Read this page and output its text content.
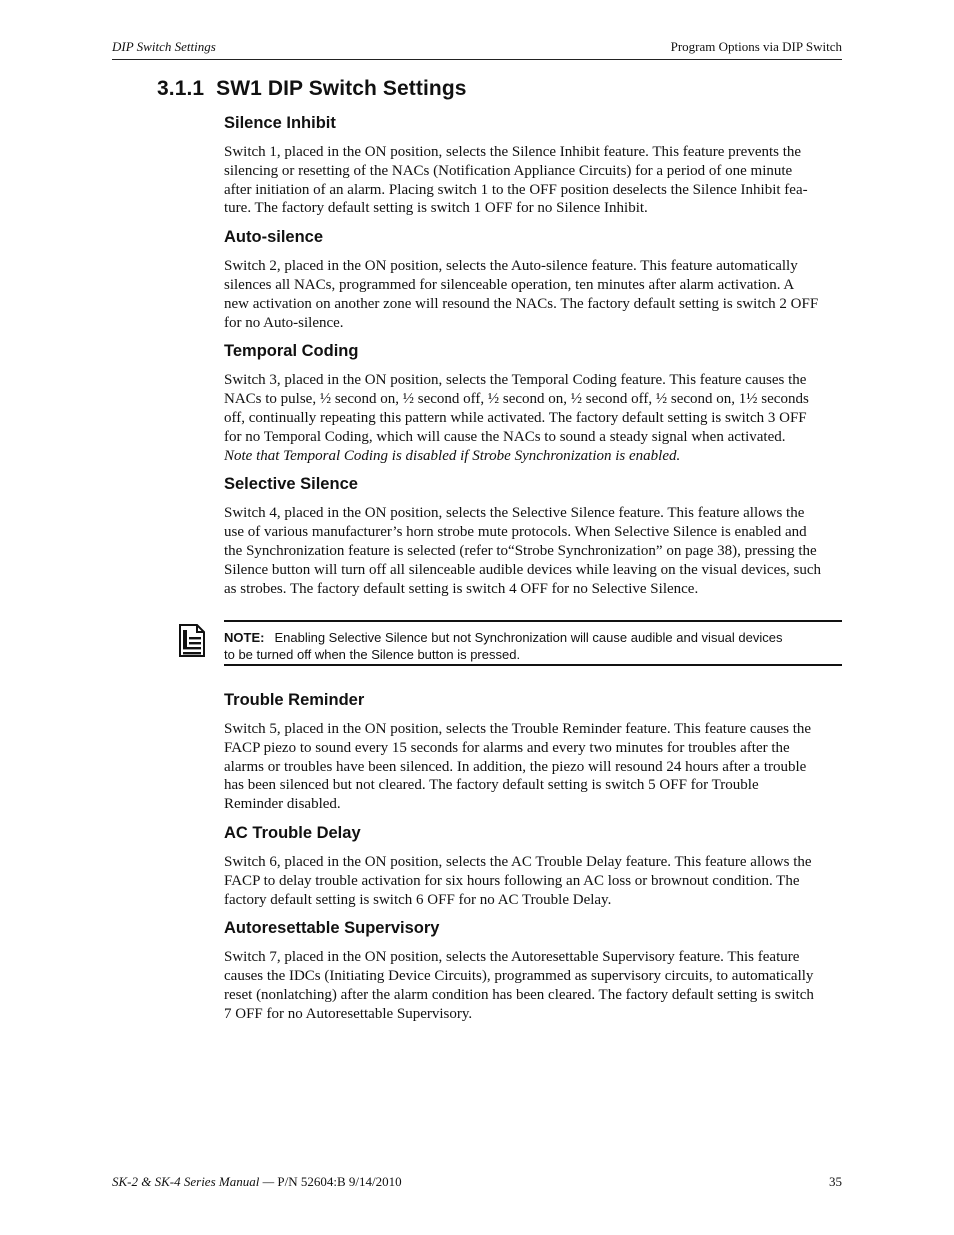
DIP Switch Settings	Program Options via DIP Switch
3.1.1 SW1 DIP Switch Settings
Silence Inhibit
Switch 1, placed in the ON position, selects the Silence Inhibit feature. This feature prevents the
silencing or resetting of the NACs (Notification Appliance Circuits) for a period of one minute
after initiation of an alarm. Placing switch 1 to the OFF position deselects the Silence Inhibit fea-
ture. The factory default setting is switch 1 OFF for no Silence Inhibit.
Auto-silence
Switch 2, placed in the ON position, selects the Auto-silence feature. This feature automatically
silences all NACs, programmed for silenceable operation, ten minutes after alarm activation. A
new activation on another zone will resound the NACs. The factory default setting is switch 2 OFF
for no Auto-silence.
Temporal Coding
Switch 3, placed in the ON position, selects the Temporal Coding feature. This feature causes the
NACs to pulse, ½ second on, ½ second off, ½ second on, ½ second off, ½ second on, 1½ seconds
off, continually repeating this pattern while activated. The factory default setting is switch 3 OFF
for no Temporal Coding, which will cause the NACs to sound a steady signal when activated.
Note that Temporal Coding is disabled if Strobe Synchronization is enabled.
Selective Silence
Switch 4, placed in the ON position, selects the Selective Silence feature. This feature allows the
use of various manufacturer’s horn strobe mute protocols. When Selective Silence is enabled and
the Synchronization feature is selected (refer to“Strobe Synchronization” on page 38), pressing the
Silence button will turn off all silenceable audible devices while leaving on the visual devices, such
as strobes. The factory default setting is switch 4 OFF for no Selective Silence.
NOTE: Enabling Selective Silence but not Synchronization will cause audible and visual devices
to be turned off when the Silence button is pressed.
Trouble Reminder
Switch 5, placed in the ON position, selects the Trouble Reminder feature. This feature causes the
FACP piezo to sound every 15 seconds for alarms and every two minutes for troubles after the
alarms or troubles have been silenced. In addition, the piezo will resound 24 hours after a trouble
has been silenced but not cleared. The factory default setting is switch 5 OFF for Trouble
Reminder disabled.
AC Trouble Delay
Switch 6, placed in the ON position, selects the AC Trouble Delay feature. This feature allows the
FACP to delay trouble activation for six hours following an AC loss or brownout condition. The
factory default setting is switch 6 OFF for no AC Trouble Delay.
Autoresettable Supervisory
Switch 7, placed in the ON position, selects the Autoresettable Supervisory feature. This feature
causes the IDCs (Initiating Device Circuits), programmed as supervisory circuits, to automatically
reset (nonlatching) after the alarm condition has been cleared. The factory default setting is switch
7 OFF for no Autoresettable Supervisory.
SK-2 & SK-4 Series Manual — P/N 52604:B 9/14/2010	35
